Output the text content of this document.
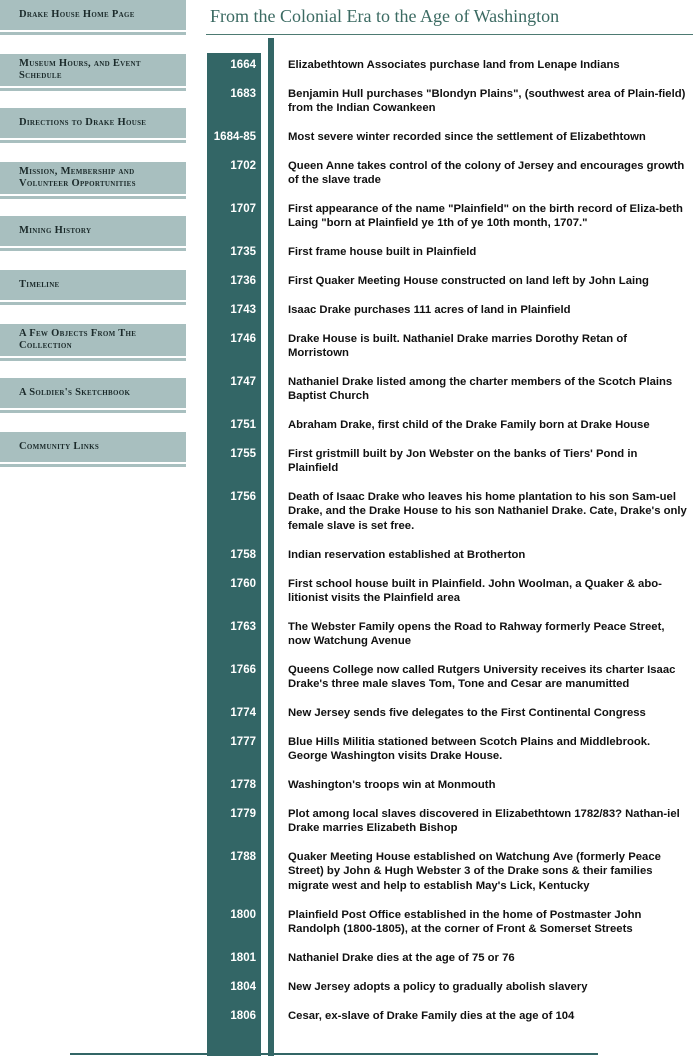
Drake House Home Page
Museum Hours, and Event Schedule
Directions to Drake House
Mission, Membership and Volunteer Opportunities
Mining History
Timeline
A Few Objects From The Collection
A Soldier's Sketchbook
Community Links
From the Colonial Era to the Age of Washington
1664	Elizabethtown Associates purchase land from Lenape Indians
1683	Benjamin Hull purchases "Blondyn Plains", (southwest area of Plain-field) from the Indian Cowankeen
1684-85	Most severe winter recorded since the settlement of Elizabethtown
1702	Queen Anne takes control of the colony of Jersey and encourages growth of the slave trade
1707	First appearance of the name "Plainfield" on the birth record of Eliza-beth Laing "born at Plainfield ye 1th of ye 10th month, 1707."
1735	First frame house built in Plainfield
1736	First Quaker Meeting House constructed on land left by John Laing
1743	Isaac Drake purchases 111 acres of land in Plainfield
1746	Drake House is built. Nathaniel Drake marries Dorothy Retan of Morristown
1747	Nathaniel Drake listed among the charter members of the Scotch Plains Baptist Church
1751	Abraham Drake, first child of the Drake Family born at Drake House
1755	First gristmill built by Jon Webster on the banks of Tiers' Pond in Plainfield
1756	Death of Isaac Drake who leaves his home plantation to his son Sam-uel Drake, and the Drake House to his son Nathaniel Drake. Cate, Drake's only female slave is set free.
1758	Indian reservation established at Brotherton
1760	First school house built in Plainfield. John Woolman, a Quaker & abo-litionist visits the Plainfield area
1763	The Webster Family opens the Road to Rahway formerly Peace Street, now Watchung Avenue
1766	Queens College now called Rutgers University receives its charter Isaac Drake's three male slaves Tom, Tone and Cesar are manumitted
1774	New Jersey sends five delegates to the First Continental Congress
1777	Blue Hills Militia stationed between Scotch Plains and Middlebrook. George Washington visits Drake House.
1778	Washington's troops win at Monmouth
1779	Plot among local slaves discovered in Elizabethtown 1782/83? Nathan-iel Drake marries Elizabeth Bishop
1788	Quaker Meeting House established on Watchung Ave (formerly Peace Street) by John & Hugh Webster 3 of the Drake sons & their families migrate west and help to establish May's Lick, Kentucky
1800	Plainfield Post Office established in the home of Postmaster John Randolph (1800-1805), at the corner of Front & Somerset Streets
1801	Nathaniel Drake dies at the age of 75 or 76
1804	New Jersey adopts a policy to gradually abolish slavery
1806	Cesar, ex-slave of Drake Family dies at the age of 104
